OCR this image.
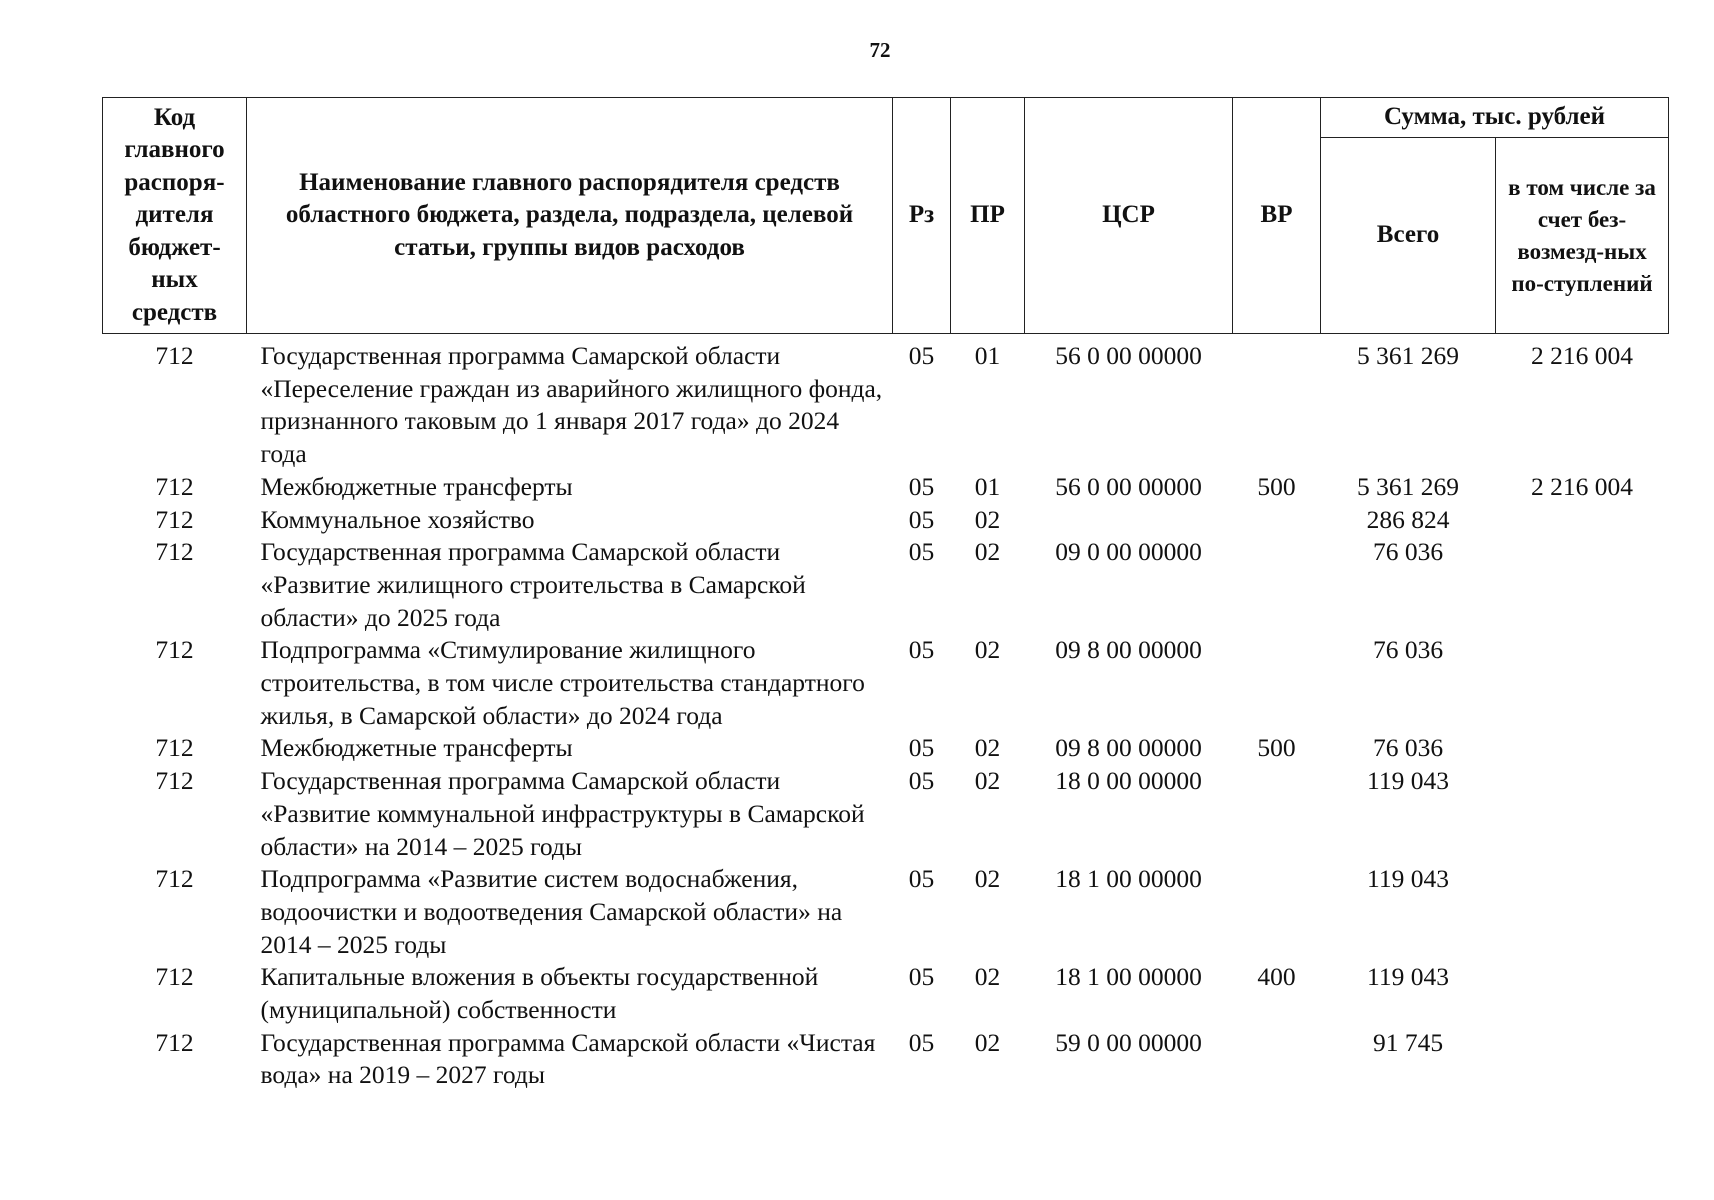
72
Код главного распоря-дителя бюджет-ных средств	Наименование главного распорядителя средств областного бюджета, раздела, подраздела, целевой статьи, группы видов расходов	Рз	ПР	ЦСР	ВР	Сумма, тыс. рублей	
						Всего	в том числе за счет без-возмезд-ных по-ступлений
712	Государственная программа Самарской области «Переселение граждан из аварийного жилищного фонда, признанного таковым до 1 января 2017 года» до 2024 года	05	01	56 0 00 00000		5 361 269	2 216 004
712	Межбюджетные трансферты	05	01	56 0 00 00000	500	5 361 269	2 216 004
712	Коммунальное хозяйство	05	02			286 824	
712	Государственная программа Самарской области «Развитие жилищного строительства в Самарской области» до 2025 года	05	02	09 0 00 00000		76 036	
712	Подпрограмма «Стимулирование жилищного строительства, в том числе строительства стандартного жилья, в Самарской области» до 2024 года	05	02	09 8 00 00000		76 036	
712	Межбюджетные трансферты	05	02	09 8 00 00000	500	76 036	
712	Государственная программа Самарской области «Развитие коммунальной инфраструктуры в Самарской области» на 2014 – 2025 годы	05	02	18 0 00 00000		119 043	
712	Подпрограмма «Развитие систем водоснабжения, водоочистки и водоотведения Самарской области» на 2014 – 2025 годы	05	02	18 1 00 00000		119 043	
712	Капитальные вложения в объекты государственной (муниципальной) собственности	05	02	18 1 00 00000	400	119 043	
712	Государственная программа Самарской области «Чистая вода» на 2019 – 2027 годы	05	02	59 0 00 00000		91 745	
